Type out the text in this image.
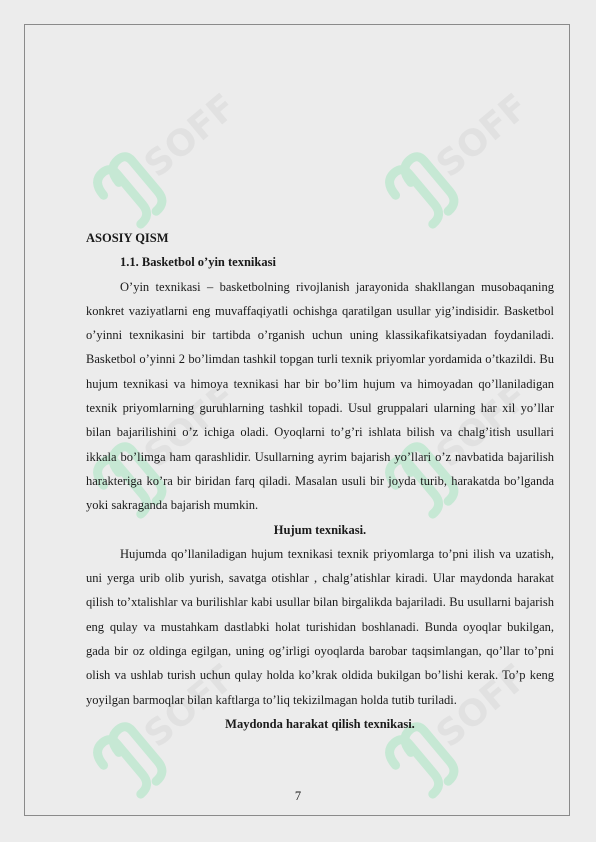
SOFF	SOFF
SOFF	SOFF
SOFF	SOFF

ASOSIY QISM

1.1. Basketbol o’yin texnikasi

O’yin texnikasi – basketbolning rivojlanish jarayonida shakllangan musobaqaning konkret vaziyatlarni eng muvaffaqiyatli ochishga qaratilgan usullar yig’indisidir. Basketbol o’yinni texnikasini bir tartibda o’rganish uchun uning klassikafikatsiyadan foydaniladi. Basketbol o’yinni 2 bo’limdan tashkil topgan turli texnik priyomlar yordamida o’tkazildi. Bu hujum texnikasi va himoya texnikasi har bir bo’lim hujum va himoyadan qo’llaniladigan texnik priyomlarning guruhlarning tashkil topadi. Usul gruppalari ularning har xil yo’llar bilan bajarilishini o’z ichiga oladi. Oyoqlarni to’g’ri ishlata bilish va chalg’itish usullari ikkala bo’limga ham qarashlidir. Usullarning ayrim bajarish yo’llari o’z navbatida bajarilish harakteriga ko’ra bir biridan farq qiladi. Masalan usuli bir joyda turib, harakatda bo’lganda yoki sakraganda bajarish mumkin.

Hujum texnikasi.

Hujumda qo’llaniladigan hujum texnikasi texnik priyomlarga to’pni ilish va uzatish, uni yerga urib olib yurish, savatga otishlar , chalg’atishlar kiradi. Ular maydonda harakat qilish to’xtalishlar va burilishlar kabi usullar bilan birgalikda bajariladi. Bu usullarni bajarish eng qulay va mustahkam dastlabki holat turishidan boshlanadi. Bunda oyoqlar bukilgan, gada bir oz oldinga egilgan, uning og’irligi oyoqlarda barobar taqsimlangan, qo’llar to’pni olish va ushlab turish uchun qulay holda ko’krak oldida bukilgan bo’lishi kerak. To’p keng yoyilgan barmoqlar bilan kaftlarga to’liq tekizilmagan holda tutib turiladi.

Maydonda harakat qilish texnikasi.

7
